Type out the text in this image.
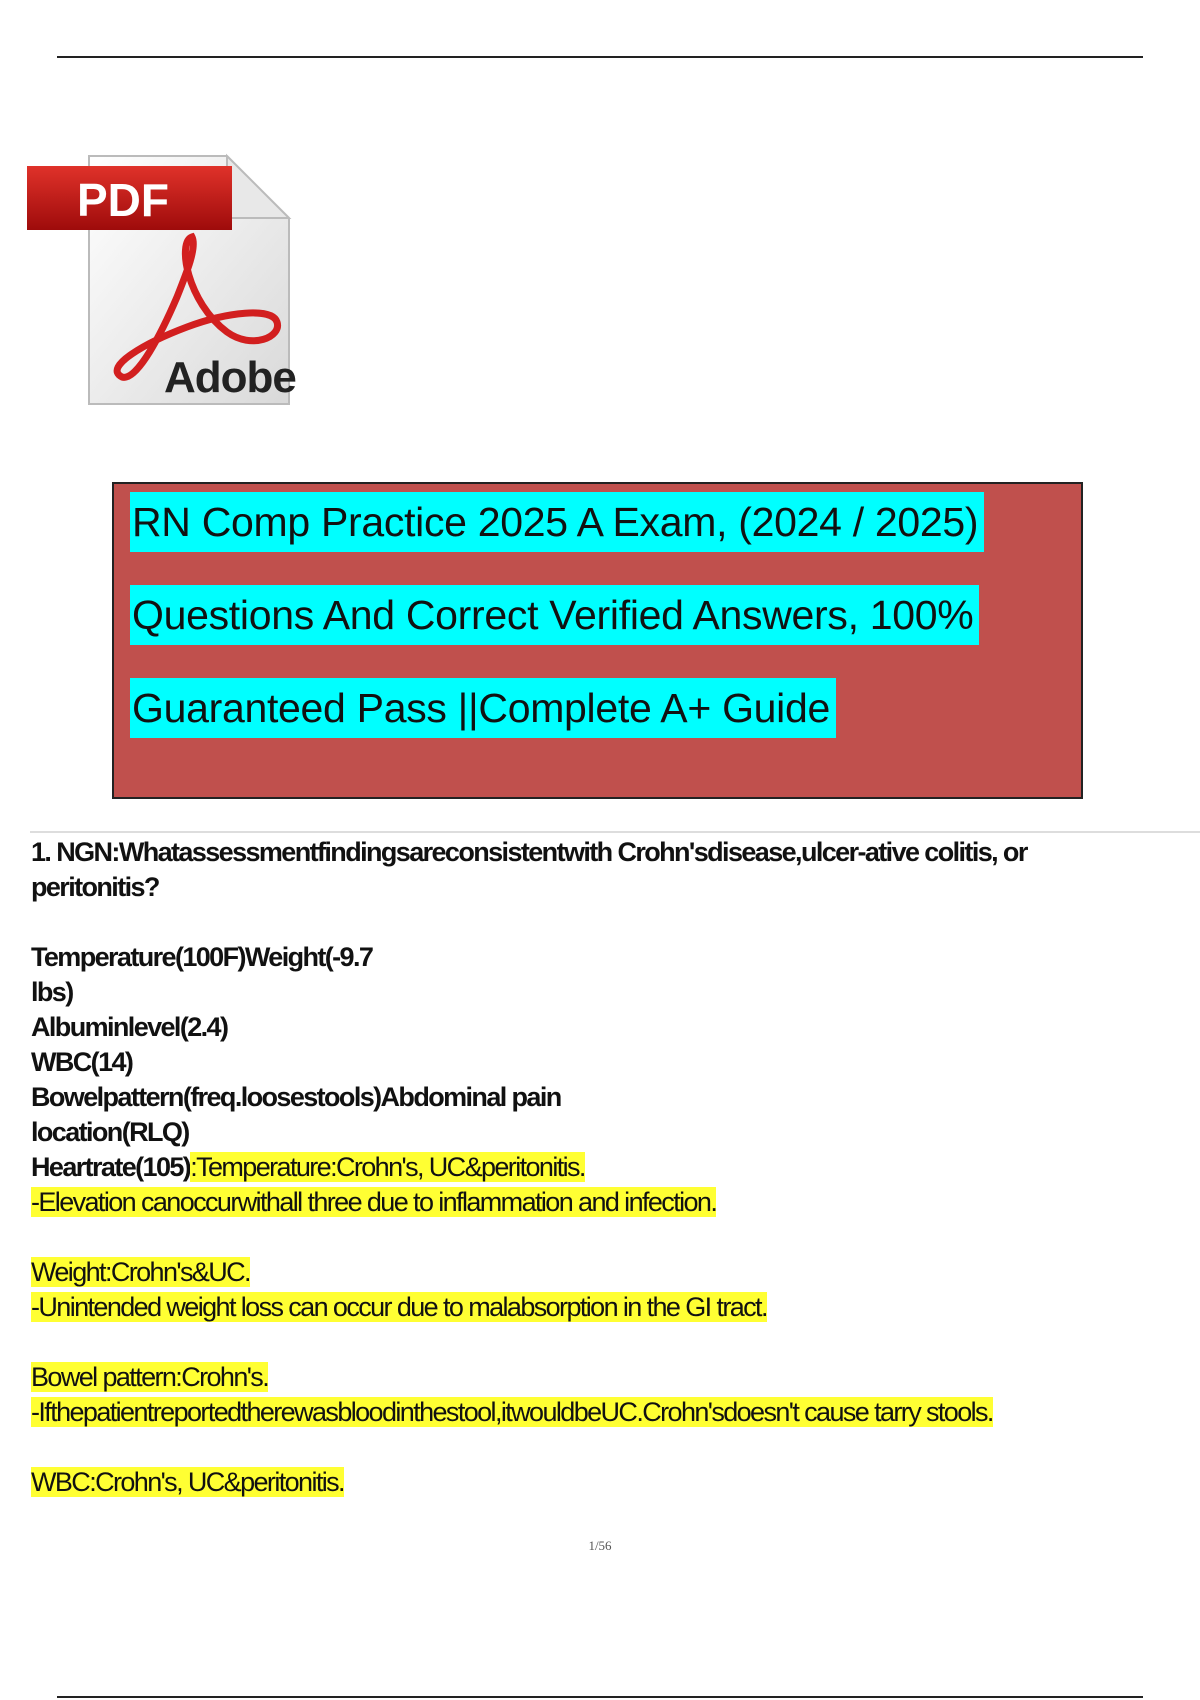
PDF
Adobe
RN Comp Practice 2025 A Exam, (2024 / 2025)
Questions And Correct Verified Answers, 100%
Guaranteed Pass ||Complete A+ Guide
1. NGN:Whatassessmentfindingsareconsistentwith Crohn'sdisease,ulcer-ative colitis, or peritonitis?
Temperature(100F)Weight(-9.7
lbs)
Albuminlevel(2.4)
WBC(14)
Bowelpattern(freq.loosestools)Abdominal pain
location(RLQ)
Heartrate(105):Temperature:Crohn's, UC&peritonitis.
-Elevation canoccurwithall three due to inflammation and infection.
Weight:Crohn's&UC.
-Unintended weight loss can occur due to malabsorption in the GI tract.
Bowel pattern:Crohn's.
-Ifthepatientreportedtherewasbloodinthestool,itwouldbeUC.Crohn'sdoesn't cause tarry stools.
WBC:Crohn's, UC&peritonitis.
1/56
